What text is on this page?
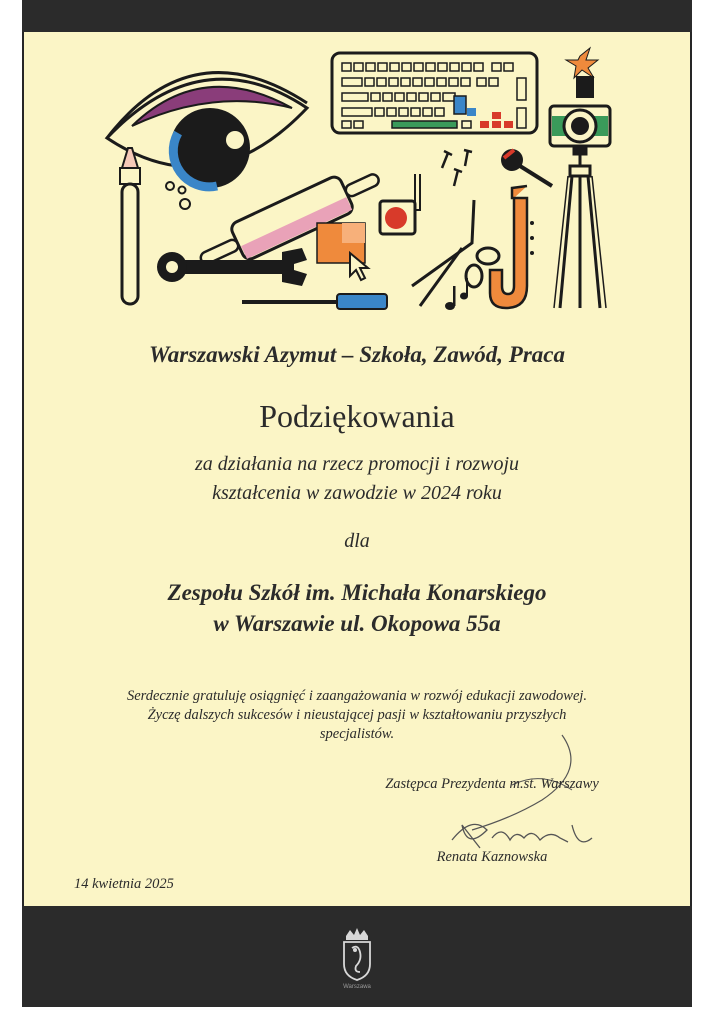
Warszawski Azymut – Szkoła, Zawód, Praca

Podziękowania

za działania na rzecz promocji i rozwoju
kształcenia w zawodzie w 2024 roku

dla

Zespołu Szkół im. Michała Konarskiego
w Warszawie ul. Okopowa 55a
Serdecznie gratuluję osiągnięć i zaangażowania w rozwój edukacji zawodowej.
Życzę dalszych sukcesów i nieustającej pasji w kształtowaniu przyszłych
specjalistów.

Zastępca Prezydenta m.st. Warszawy

Renata Kaznowska

14 kwietnia 2025

Warszawa
